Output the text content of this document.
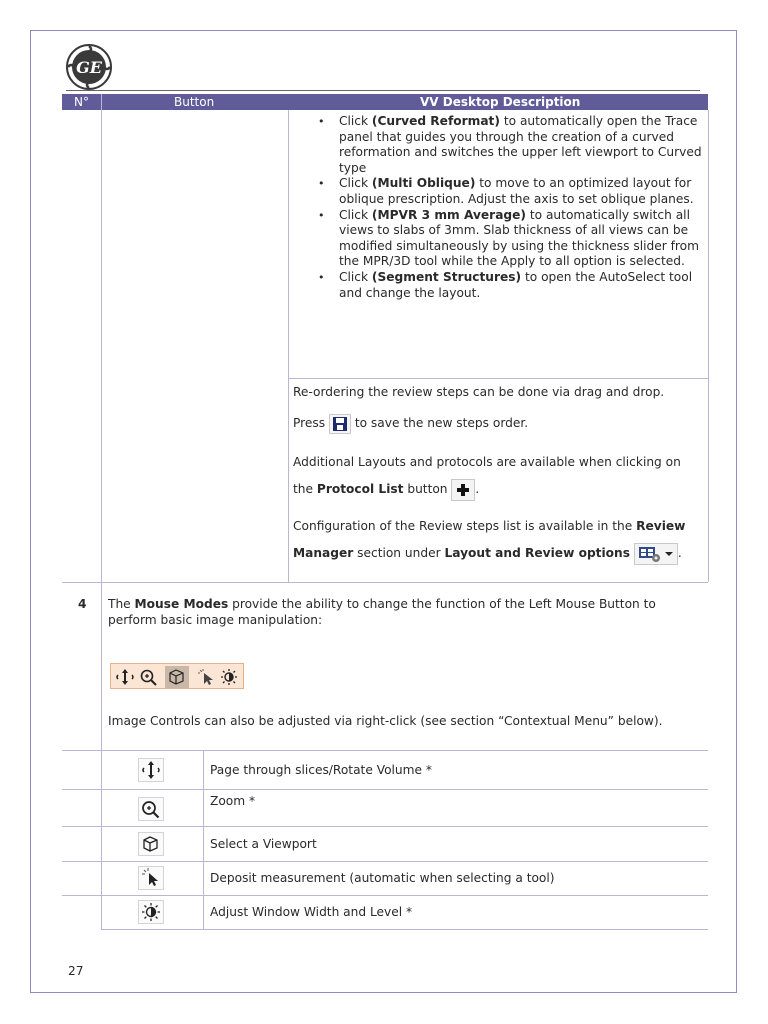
GE
N°	Button	VV Desktop Description
• Click (Curved Reformat) to automatically open the Trace panel that guides you through the creation of a curved reformation and switches the upper left viewport to Curved type
• Click (Multi Oblique) to move to an optimized layout for oblique prescription. Adjust the axis to set oblique planes.
• Click (MPVR 3 mm Average) to automatically switch all views to slabs of 3mm. Slab thickness of all views can be modified simultaneously by using the thickness slider from the MPR/3D tool while the Apply to all option is selected.
• Click (Segment Structures) to open the AutoSelect tool and change the layout.
Re-ordering the review steps can be done via drag and drop.
Press to save the new steps order.
Additional Layouts and protocols are available when clicking on
the Protocol List button .
Configuration of the Review steps list is available in the Review
Manager section under Layout and Review options	.
4 The Mouse Modes provide the ability to change the function of the Left Mouse Button to perform basic image manipulation:
Image Controls can also be adjusted via right-click (see section “Contextual Menu” below).
Page through slices/Rotate Volume *
Zoom *
Select a Viewport
Deposit measurement (automatic when selecting a tool)
Adjust Window Width and Level *
27
